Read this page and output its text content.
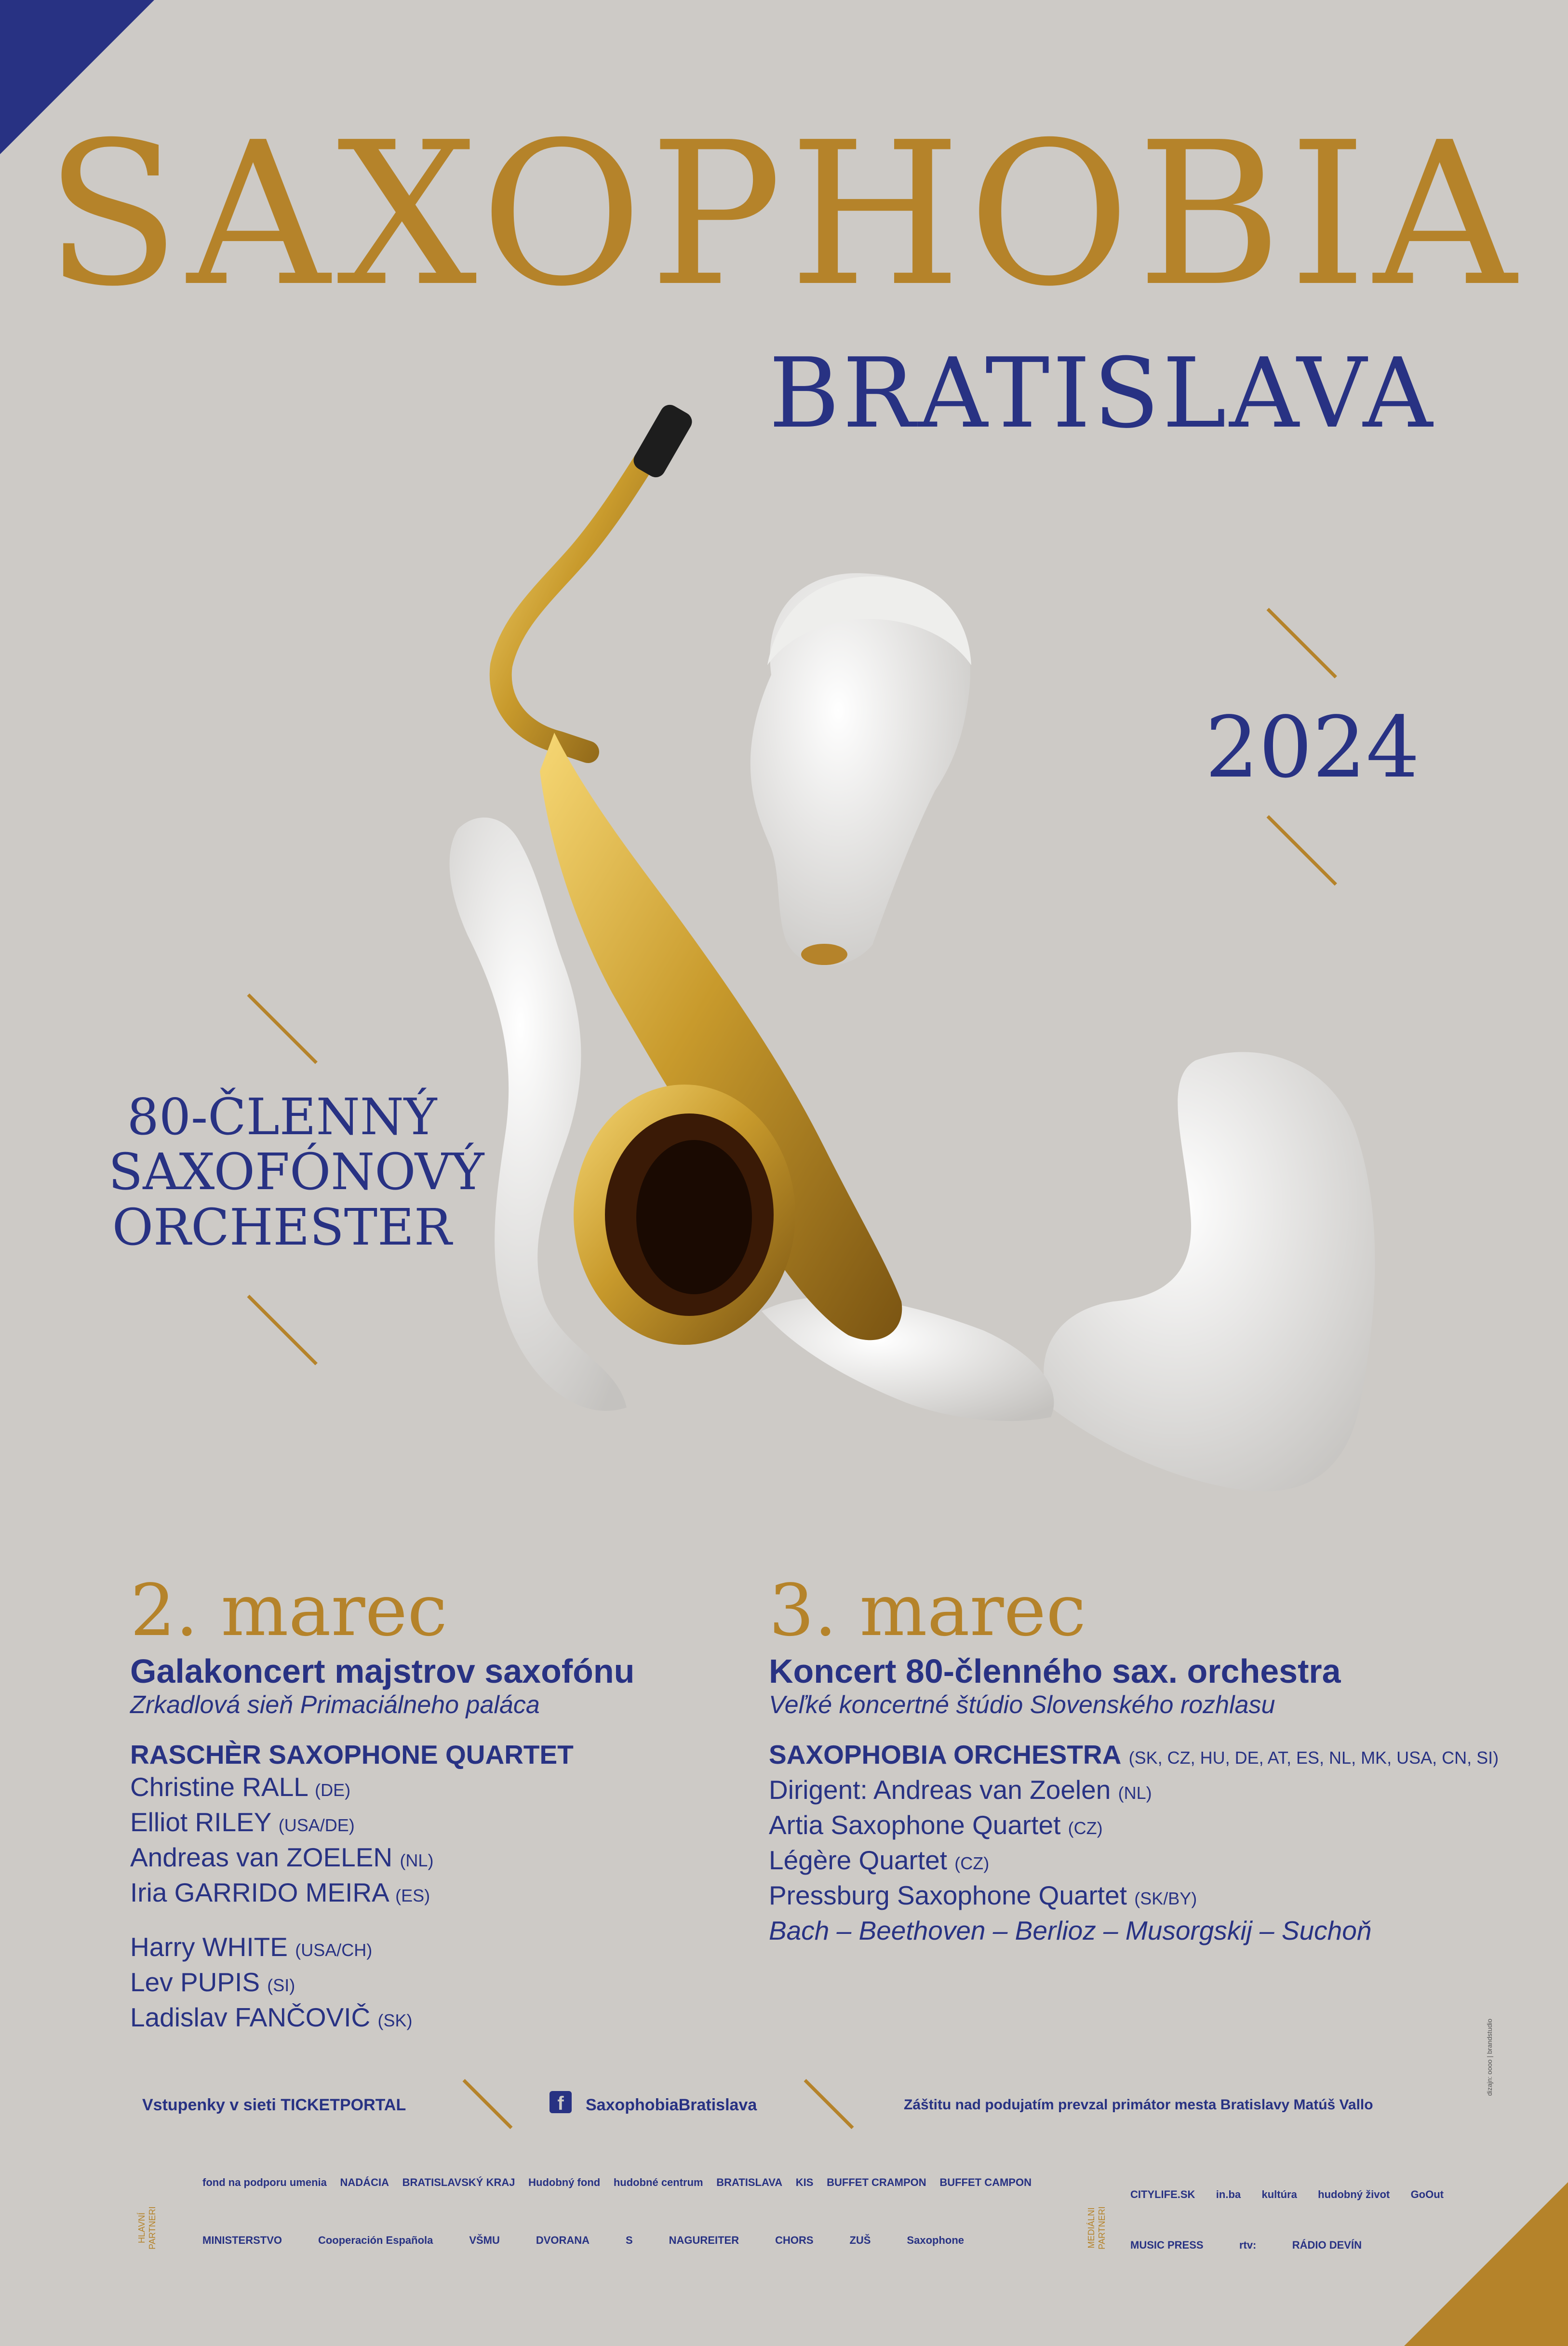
SAXOPHOBIA
BRATISLAVA
2024
80-ČLENNÝ
SAXOFÓNOVÝ
ORCHESTER
2. marec
Galakoncert majstrov saxofónu
Zrkadlová sieň Primaciálneho paláca
RASCHÈR SAXOPHONE QUARTET
Christine RALL (DE)
Elliot RILEY (USA/DE)
Andreas van ZOELEN (NL)
Iria GARRIDO MEIRA (ES)
Harry WHITE (USA/CH)
Lev PUPIS (SI)
Ladislav FANČOVIČ (SK)
3. marec
Koncert 80-členného sax. orchestra
Veľké koncertné štúdio Slovenského rozhlasu
SAXOPHOBIA ORCHESTRA (SK, CZ, HU, DE, AT, ES, NL, MK, USA, CN, SI)
Dirigent: Andreas van Zoelen (NL)
Artia Saxophone Quartet (CZ)
Légère Quartet (CZ)
Pressburg Saxophone Quartet (SK/BY)
Bach – Beethoven – Berlioz – Musorgskij – Suchoň
Vstupenky v sieti TICKETPORTAL	f	SaxophobiaBratislava	Záštitu nad podujatím prevzal primátor mesta Bratislavy Matúš Vallo
HLAVNÍ PARTNERI	MEDIÁLNI PARTNERI
fond na podporu umenia NADÁCIA BRATISLAVSKÝ KRAJ Hudobný fond hudobné centrum BRATISLAVA KIS BUFFET CRAMPON BUFFET CAMPON
MINISTERSTVO	Cooperación Española	VŠMU	DVORANA	S	NAGUREITER	CHORS	ZUŠ	Saxophone
CITYLIFE.SK in.ba kultúra hudobný život GoOut
MUSIC PRESS	rtv:	RÁDIO DEVÍN
dizajn: oooo | brandstudio
